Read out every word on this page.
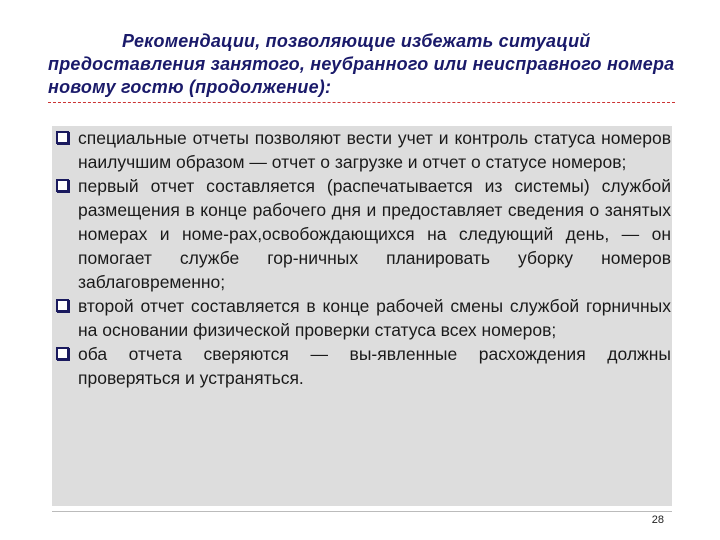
Рекомендации, позволяющие избежать ситуаций предоставления занятого, неубранного или неисправного номера новому гостю (продолжение):
специальные отчеты позволяют вести учет и контроль статуса номеров наилучшим образом — отчет о загрузке и отчет о статусе номеров;
первый отчет составляется (распечатывается из системы) службой размещения в конце рабочего дня и предоставляет сведения о занятых номерах и номе-рах,освобождающихся на следующий день, — он помогает службе гор-ничных планировать уборку номеров заблаговременно;
второй отчет составляется в конце рабочей смены службой горничных на основании физической проверки статуса всех номеров;
оба отчета сверяются — вы-явленные расхождения должны проверяться и устраняться.
28
